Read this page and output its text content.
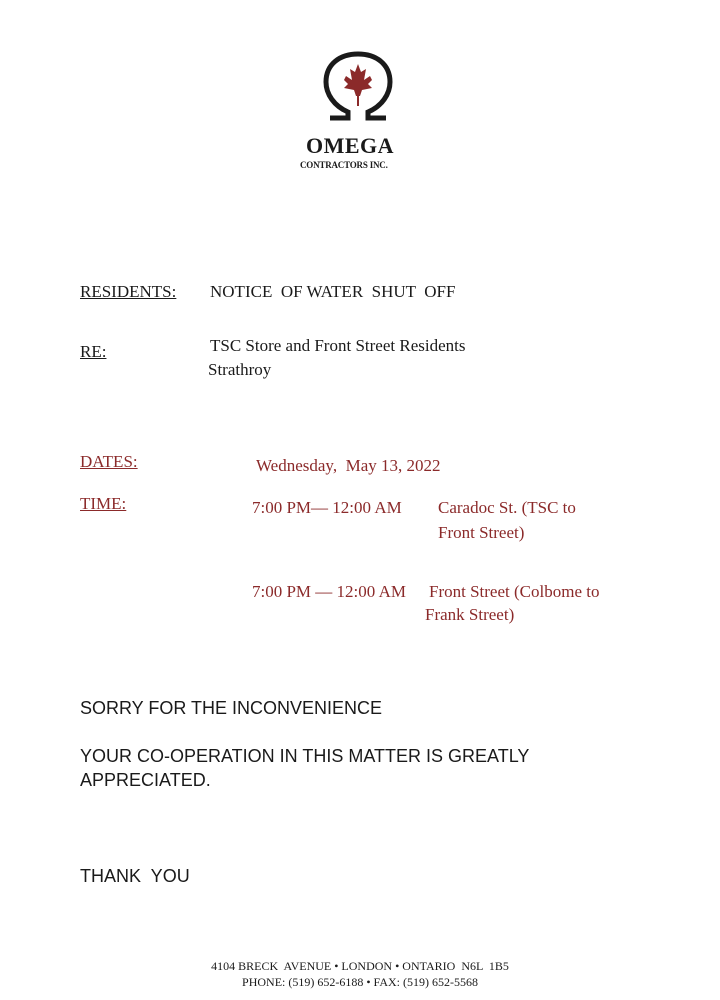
OMEGA
CONTRACTORS INC.
RESIDENTS: NOTICE  OF WATER  SHUT  OFF
RE:	TSC Store and Front Street Residents
Strathroy
DATES:	Wednesday,  May 13, 2022
TIME:	7:00 PM— 12:00 AM Caradoc St. (TSC to
Front Street)
7:00 PM — 12:00 AM Front Street (Colbome to
Frank Street)
SORRY FOR THE INCONVENIENCE
YOUR CO-OPERATION IN THIS MATTER IS GREATLY
APPRECIATED.
THANK  YOU
4104 BRECK  AVENUE • LONDON • ONTARIO  N6L  1B5
PHONE: (519) 652-6188 • FAX: (519) 652-5568
